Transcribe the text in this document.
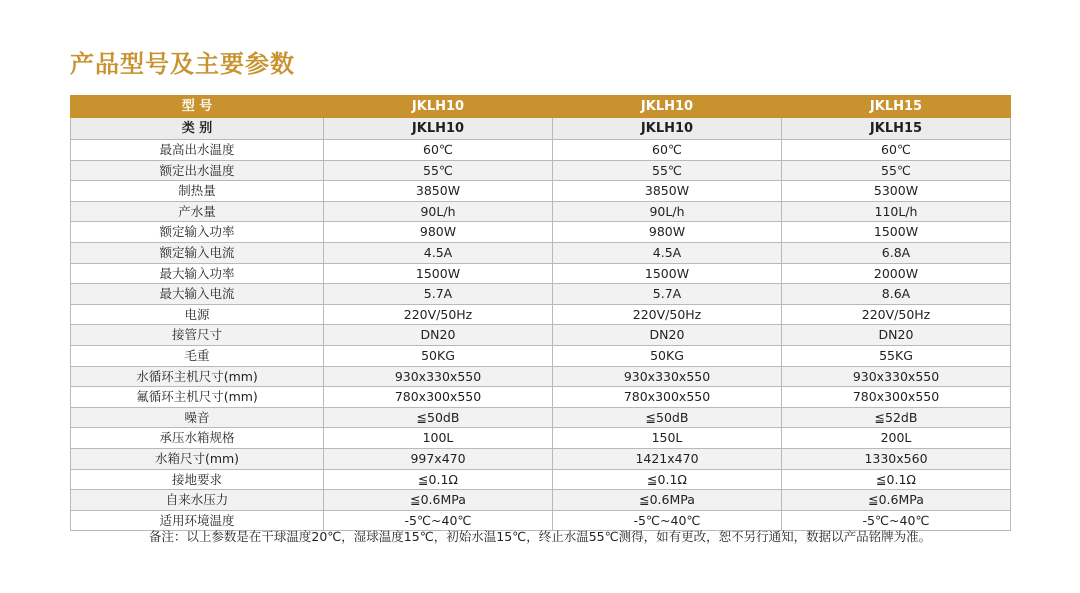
产品型号及主要参数
型 号	JKLH10	JKLH10	JKLH15
类 别	JKLH10	JKLH10	JKLH15
最高出水温度	60℃	60℃	60℃
额定出水温度	55℃	55℃	55℃
制热量	3850W	3850W	5300W
产水量	90L/h	90L/h	110L/h
额定输入功率	980W	980W	1500W
额定输入电流	4.5A	4.5A	6.8A
最大输入功率	1500W	1500W	2000W
最大输入电流	5.7A	5.7A	8.6A
电源	220V/50Hz	220V/50Hz	220V/50Hz
接管尺寸	DN20	DN20	DN20
毛重	50KG	50KG	55KG
水循环主机尺寸(mm)	930x330x550	930x330x550	930x330x550
氟循环主机尺寸(mm)	780x300x550	780x300x550	780x300x550
噪音	≦50dB	≦50dB	≦52dB
承压水箱规格	100L	150L	200L
水箱尺寸(mm)	997x470	1421x470	1330x560
接地要求	≦0.1Ω	≦0.1Ω	≦0.1Ω
自来水压力	≦0.6MPa	≦0.6MPa	≦0.6MPa
适用环境温度	-5℃~40℃	-5℃~40℃	-5℃~40℃
备注：以上参数是在干球温度20℃，湿球温度15℃，初始水温15℃，终止水温55℃测得，如有更改，恕不另行通知，数据以产品铭牌为准。
